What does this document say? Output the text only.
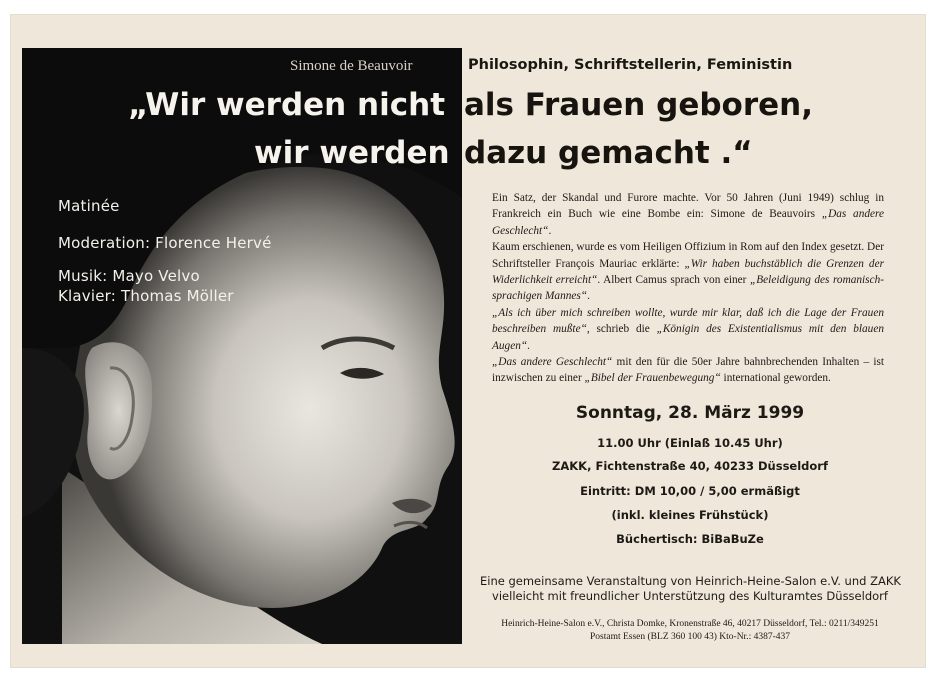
Simone de Beauvoir	Philosophin, Schriftstellerin, Feministin
„Wir werden nicht als Frauen geboren,
wir werden dazu gemacht .“
Matinée
Moderation: Florence Hervé
Musik: Mayo Velvo
Klavier: Thomas Möller

Ein Satz, der Skandal und Furore machte. Vor 50 Jahren (Juni 1949) schlug in Frankreich ein Buch wie eine Bombe ein: Simone de Beauvoirs „Das andere Geschlecht“.

Kaum erschienen, wurde es vom Heiligen Offizium in Rom auf den Index gesetzt. Der Schriftsteller François Mauriac erklärte: „Wir haben buchstäblich die Grenzen der Widerlichkeit erreicht“. Albert Camus sprach von einer „Beleidigung des romanisch-sprachigen Mannes“.

„Als ich über mich schreiben wollte, wurde mir klar, daß ich die Lage der Frauen beschreiben mußte“, schrieb die „Königin des Existentialismus mit den blauen Augen“.

„Das andere Geschlecht“ mit den für die 50er Jahre bahnbrechenden Inhalten – ist inzwischen zu einer „Bibel der Frauenbewegung“ international geworden.

Sonntag, 28. März 1999
11.00 Uhr (Einlaß 10.45 Uhr)
ZAKK, Fichtenstraße 40, 40233 Düsseldorf
Eintritt: DM 10,00 / 5,00 ermäßigt
(inkl. kleines Frühstück)
Büchertisch: BiBaBuZe
Eine gemeinsame Veranstaltung von Heinrich-Heine-Salon e.V. und ZAKK
vielleicht mit freundlicher Unterstützung des Kulturamtes Düsseldorf
Heinrich-Heine-Salon e.V., Christa Domke, Kronenstraße 46, 40217 Düsseldorf, Tel.: 0211/349251
Postamt Essen (BLZ 360 100 43) Kto-Nr.: 4387-437
